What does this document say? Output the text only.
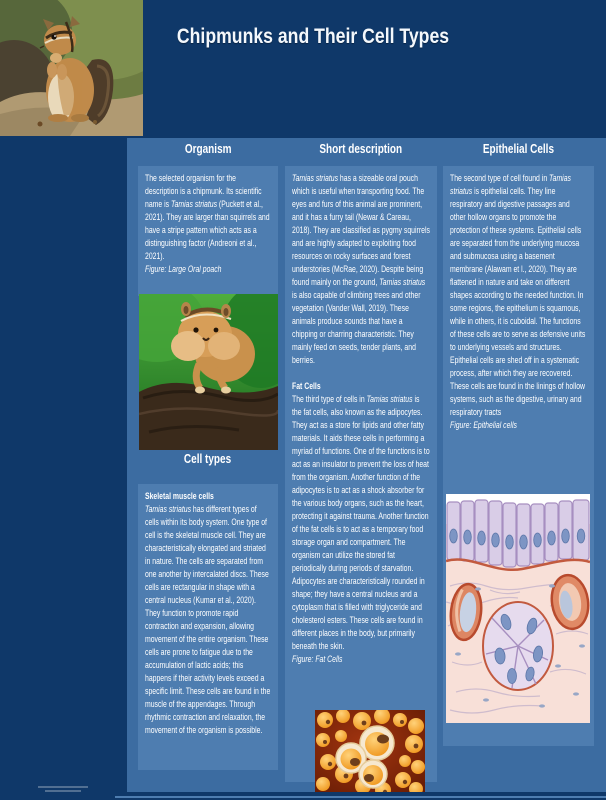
Chipmunks and Their Cell Types
Organism	Short description	Epithelial Cells
The selected organism for the description is a chipmunk. Its scientific name is Tamias striatus (Puckett et al., 2021). They are larger than squirrels and have a stripe pattern which acts as a distinguishing factor (Andreoni et al., 2021).
Figure: Large Oral poach
Cell types
Skeletal muscle cells
Tamias striatus has different types of cells within its body system. One type of cell is the skeletal muscle cell. They are characteristically elongated and striated in nature. The cells are separated from one another by intercalated discs. These cells are rectangular in shape with a central nucleus (Kumar et al., 2020). They function to promote rapid contraction and expansion, allowing movement of the entire organism. These cells are prone to fatigue due to the accumulation of lactic acids; this happens if their activity levels exceed a specific limit. These cells are found in the muscle of the appendages. Through rhythmic contraction and relaxation, the movement of the organism is possible.
Tamias striatus has a sizeable oral pouch which is useful when transporting food. The eyes and furs of this animal are prominent, and it has a furry tail (Newar & Careau, 2018). They are classified as pygmy squirrels and are highly adapted to exploiting food resources on rocky surfaces and forest understories (McRae, 2020). Despite being found mainly on the ground, Tamias striatus is also capable of climbing trees and other vegetation (Vander Wall, 2019). These animals produce sounds that have a chipping or charring characteristic. They mainly feed on seeds, tender plants, and berries.
Fat Cells
The third type of cells in Tamias striatus is the fat cells, also known as the adipocytes. They act as a store for lipids and other fatty materials. It aids these cells in performing a myriad of functions. One of the functions is to act as an insulator to prevent the loss of heat from the organism. Another function of the adipocytes is to act as a shock absorber for the various body organs, such as the heart, protecting it against trauma. Another function of the fat cells is to act as a temporary food storage organ and compartment. The organism can utilize the stored fat periodically during periods of starvation. Adipocytes are characteristically rounded in shape; they have a central nucleus and a cytoplasm that is filled with triglyceride and cholesterol esters. These cells are found in different places in the body, but primarily beneath the skin.
Figure: Fat Cells
The second type of cell found in Tamias striatus is epithelial cells. They line respiratory and digestive passages and other hollow organs to promote the protection of these systems. Epithelial cells are separated from the underlying mucosa and submucosa using a basement membrane (Alawam et l., 2020). They are flattened in nature and take on different shapes according to the needed function. In some regions, the epithelium is squamous, while in others, it is cuboidal. The functions of these cells are to serve as defensive units to underlying vessels and structures. Epithelial cells are shed off in a systematic process, after which they are recovered. These cells are found in the linings of hollow systems, such as the digestive, urinary and respiratory tracts
Figure: Epithelial cells
